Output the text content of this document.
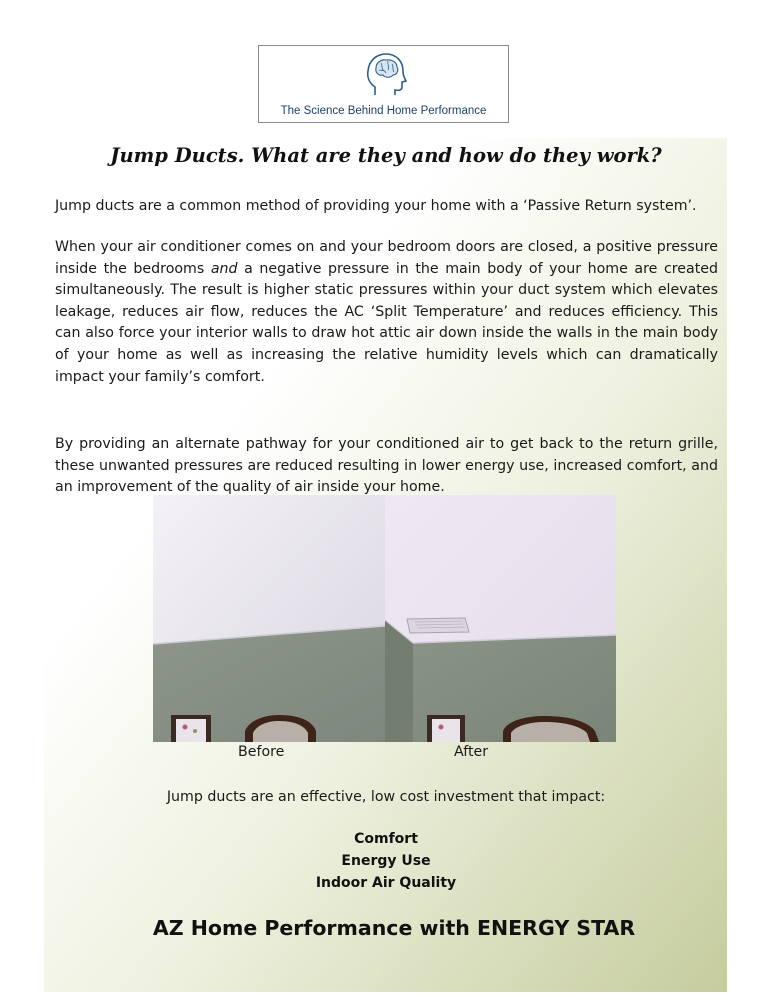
The Science Behind Home Performance
Jump Ducts. What are they and how do they work?

Jump ducts are a common method of providing your home with a ‘Passive Return system’.

When your air conditioner comes on and your bedroom doors are closed, a positive pressure inside the bedrooms and a negative pressure in the main body of your home are created simultaneously. The result is higher static pressures within your duct system which elevates leakage, reduces air flow, reduces the AC ‘Split Temperature’ and reduces efficiency. This can also force your interior walls to draw hot attic air down inside the walls in the main body of your home as well as increasing the relative humidity levels which can dramatically impact your family’s comfort.

By providing an alternate pathway for your conditioned air to get back to the return grille, these unwanted pressures are reduced resulting in lower energy use, increased comfort, and an improvement of the quality of air inside your home.

Before	After
Jump ducts are an effective, low cost investment that impact:
Comfort
Energy Use
Indoor Air Quality
AZ Home Performance with ENERGY STAR
